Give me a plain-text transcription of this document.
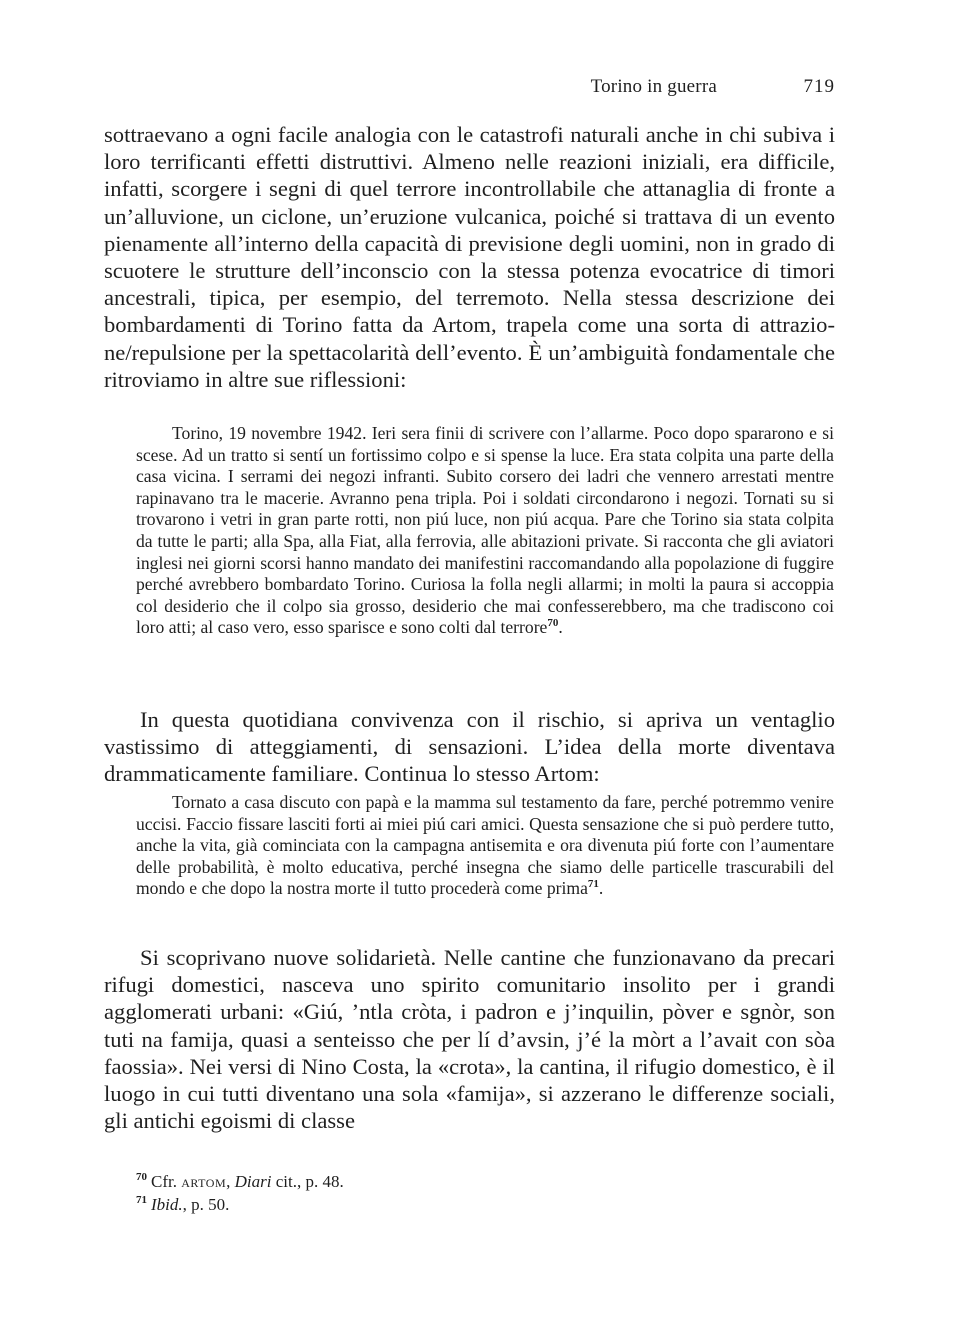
Torino in guerra	719

sottraevano a ogni facile analogia con le catastrofi naturali anche in chi subiva i loro terrificanti effetti distruttivi. Almeno nelle reazioni iniziali, era difficile, infatti, scorgere i segni di quel terrore incontrollabile che attanaglia di fronte a un’alluvione, un ciclone, un’eruzione vulcanica, poiché si trattava di un evento pienamente all’interno della capacità di previsione degli uomini, non in grado di scuotere le strutture dell’inconscio con la stessa potenza evocatrice di timori ancestrali, tipica, per esempio, del terremoto. Nella stessa descrizione dei bombardamenti di Torino fatta da Artom, trapela come una sorta di attrazione/repulsione per la spettacolarità dell’evento. È un’ambiguità fondamentale che ritroviamo in altre sue riflessioni:

Torino, 19 novembre 1942. Ieri sera finii di scrivere con l’allarme. Poco dopo spararono e si scese. Ad un tratto si sentí un fortissimo colpo e si spense la luce. Era stata colpita una parte della casa vicina. I serrami dei negozi infranti. Subito corsero dei ladri che vennero arrestati mentre rapinavano tra le macerie. Avranno pena tripla. Poi i soldati circondarono i negozi. Tornati su si trovarono i vetri in gran parte rotti, non piú luce, non piú acqua. Pare che Torino sia stata colpita da tutte le parti; alla Spa, alla Fiat, alla ferrovia, alle abitazioni private. Si racconta che gli aviatori inglesi nei giorni scorsi hanno mandato dei manifestini raccomandando alla popolazione di fuggire perché avrebbero bombardato Torino. Curiosa la folla negli allarmi; in molti la paura si accoppia col desiderio che il colpo sia grosso, desiderio che mai confesserebbero, ma che tradiscono coi loro atti; al caso vero, esso sparisce e sono colti dal terrore$^{70}$.

In questa quotidiana convivenza con il rischio, si apriva un ventaglio vastissimo di atteggiamenti, di sensazioni. L’idea della morte diventava drammaticamente familiare. Continua lo stesso Artom:

Tornato a casa discuto con papà e la mamma sul testamento da fare, perché potremmo venire uccisi. Faccio fissare lasciti forti ai miei piú cari amici. Questa sensazione che si può perdere tutto, anche la vita, già cominciata con la campagna antisemita e ora divenuta piú forte con l’aumentare delle probabilità, è molto educativa, perché insegna che siamo delle particelle trascurabili del mondo e che dopo la nostra morte il tutto procederà come prima$^{71}$.

Si scoprivano nuove solidarietà. Nelle cantine che funzionavano da precari rifugi domestici, nasceva uno spirito comunitario insolito per i grandi agglomerati urbani: «Giú, ’ntla cròta, i padron e j’inquilin, pòver e sgnòr, son tuti na famija, quasi a senteisso che per lí d’avsin, j’é la mòrt a l’avait con sòa faossia». Nei versi di Nino Costa, la «crota», la cantina, il rifugio domestico, è il luogo in cui tutti diventano una sola «famija», si azzerano le differenze sociali, gli antichi egoismi di classe

$^{70}$ Cfr. artom, Diari cit., p. 48.

$^{71}$ Ibid., p. 50.
